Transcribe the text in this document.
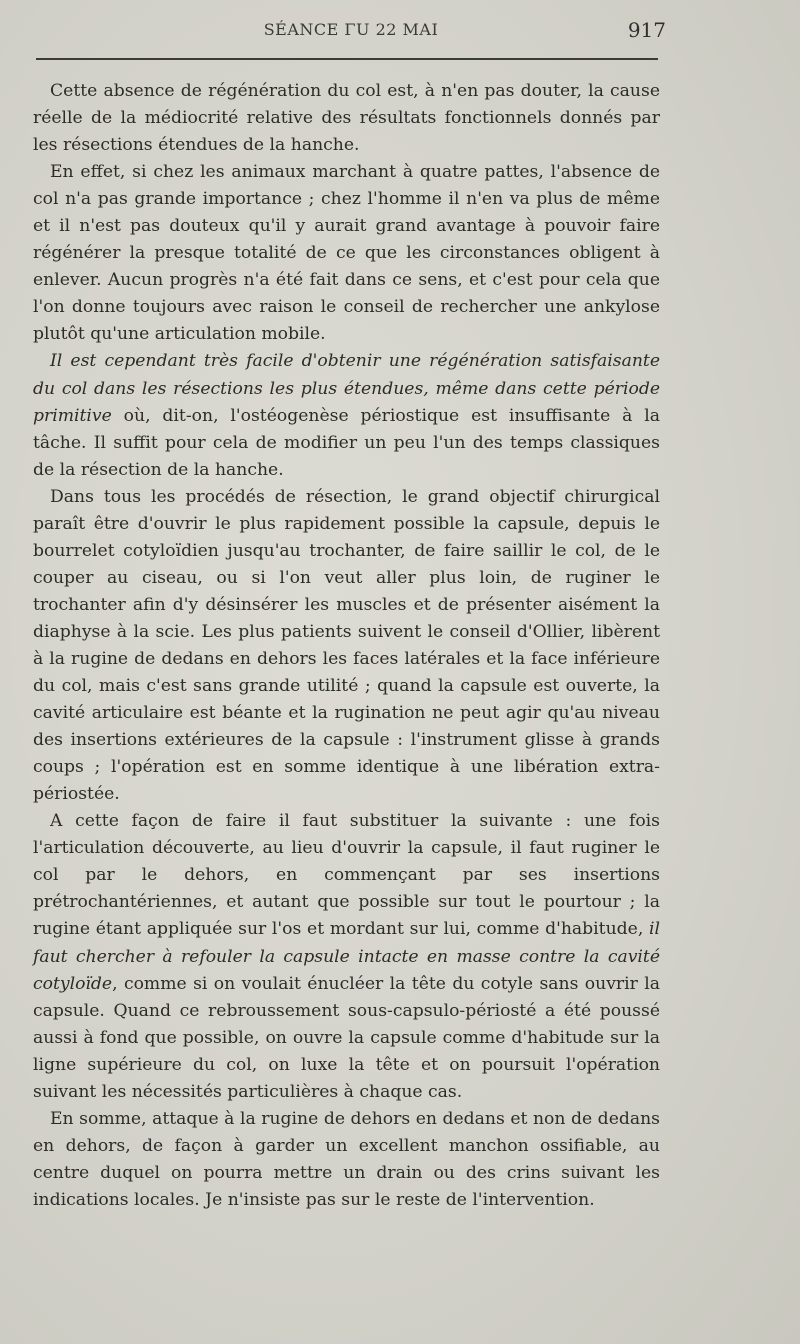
SÉANCE ΓU 22 MAI	917

Cette absence de régénération du col est, à n'en pas douter, la cause réelle de la médiocrité relative des résultats fonctionnels donnés par les résections étendues de la hanche.

En effet, si chez les animaux marchant à quatre pattes, l'absence de col n'a pas grande importance ; chez l'homme il n'en va plus de même et il n'est pas douteux qu'il y aurait grand avantage à pouvoir faire régénérer la presque totalité de ce que les circonstances obligent à enlever. Aucun progrès n'a été fait dans ce sens, et c'est pour cela que l'on donne toujours avec raison le conseil de rechercher une ankylose plutôt qu'une articulation mobile.

Il est cependant très facile d'obtenir une régénération satisfaisante du col dans les résections les plus étendues, même dans cette période primitive où, dit-on, l'ostéogenèse périostique est insuffisante à la tâche. Il suffit pour cela de modifier un peu l'un des temps classiques de la résection de la hanche.

Dans tous les procédés de résection, le grand objectif chirurgical paraît être d'ouvrir le plus rapidement possible la capsule, depuis le bourrelet cotyloïdien jusqu'au trochanter, de faire saillir le col, de le couper au ciseau, ou si l'on veut aller plus loin, de ruginer le trochanter afin d'y désinsérer les muscles et de présenter aisément la diaphyse à la scie. Les plus patients suivent le conseil d'Ollier, libèrent à la rugine de dedans en dehors les faces latérales et la face inférieure du col, mais c'est sans grande utilité ; quand la capsule est ouverte, la cavité articulaire est béante et la rugination ne peut agir qu'au niveau des insertions extérieures de la capsule : l'instrument glisse à grands coups ; l'opération est en somme identique à une libération extra-périostée.

A cette façon de faire il faut substituer la suivante : une fois l'articulation découverte, au lieu d'ouvrir la capsule, il faut ruginer le col par le dehors, en commençant par ses insertions prétrochantériennes, et autant que possible sur tout le pourtour ; la rugine étant appliquée sur l'os et mordant sur lui, comme d'habitude, il faut chercher à refouler la capsule intacte en masse contre la cavité cotyloïde, comme si on voulait énucléer la tête du cotyle sans ouvrir la capsule. Quand ce rebroussement sous-capsulo-périosté a été poussé aussi à fond que possible, on ouvre la capsule comme d'habitude sur la ligne supérieure du col, on luxe la tête et on poursuit l'opération suivant les nécessités particulières à chaque cas.

En somme, attaque à la rugine de dehors en dedans et non de dedans en dehors, de façon à garder un excellent manchon ossifiable, au centre duquel on pourra mettre un drain ou des crins suivant les indications locales. Je n'insiste pas sur le reste de l'intervention.
